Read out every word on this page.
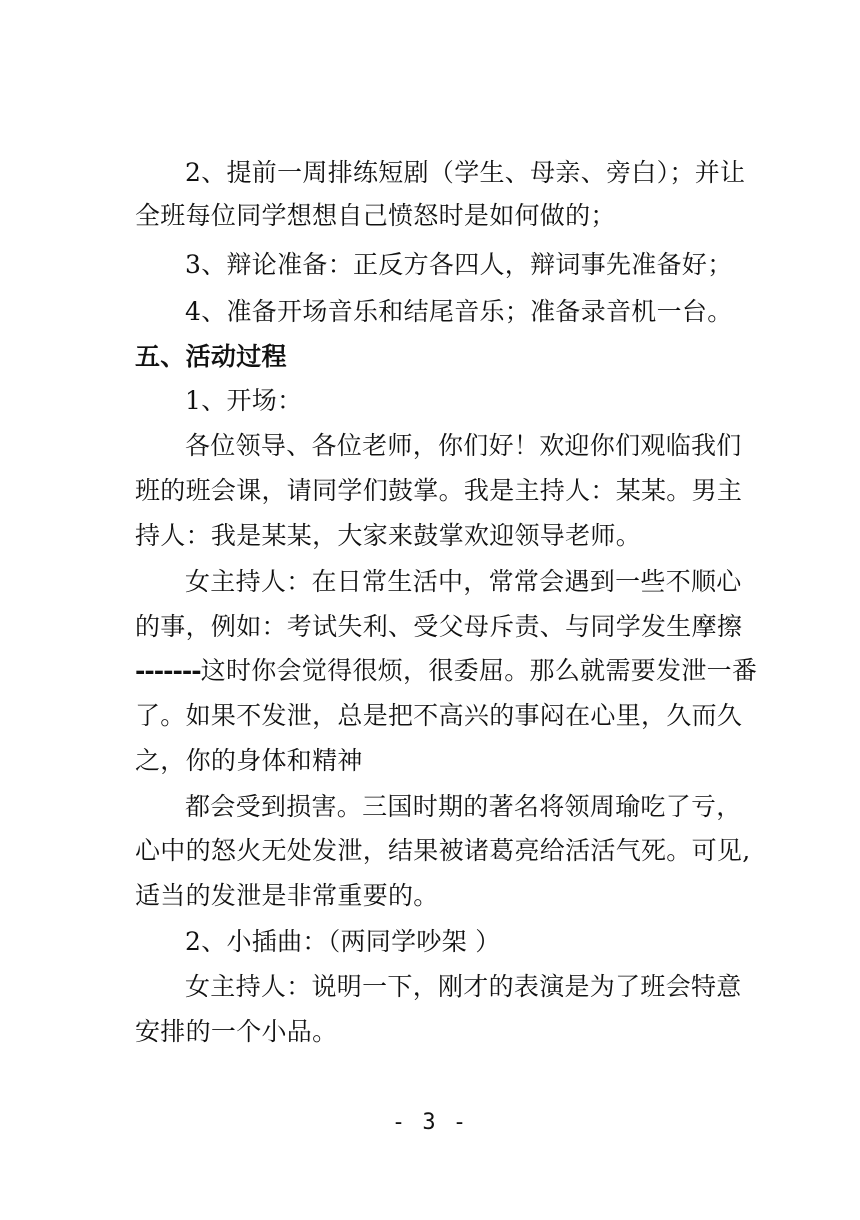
2、提前一周排练短剧（学生、母亲、旁白）；并让
全班每位同学想想自己愤怒时是如何做的；
3、辩论准备：正反方各四人，辩词事先准备好；
4、准备开场音乐和结尾音乐；准备录音机一台。
五、活动过程
1、开场：
各位领导、各位老师，你们好！欢迎你们观临我们
班的班会课，请同学们鼓掌。我是主持人：某某。男主
持人：我是某某，大家来鼓掌欢迎领导老师。
女主持人：在日常生活中，常常会遇到一些不顺心
的事，例如：考试失利、受父母斥责、与同学发生摩擦
-------这时你会觉得很烦，很委屈。那么就需要发泄一番
了。如果不发泄，总是把不高兴的事闷在心里，久而久
之，你的身体和精神
都会受到损害。三国时期的著名将领周瑜吃了亏，
心中的怒火无处发泄，结果被诸葛亮给活活气死。可见,
适当的发泄是非常重要的。
2、小插曲：（两同学吵架 ）
女主持人：说明一下，刚才的表演是为了班会特意
安排的一个小品。
- 3 -
